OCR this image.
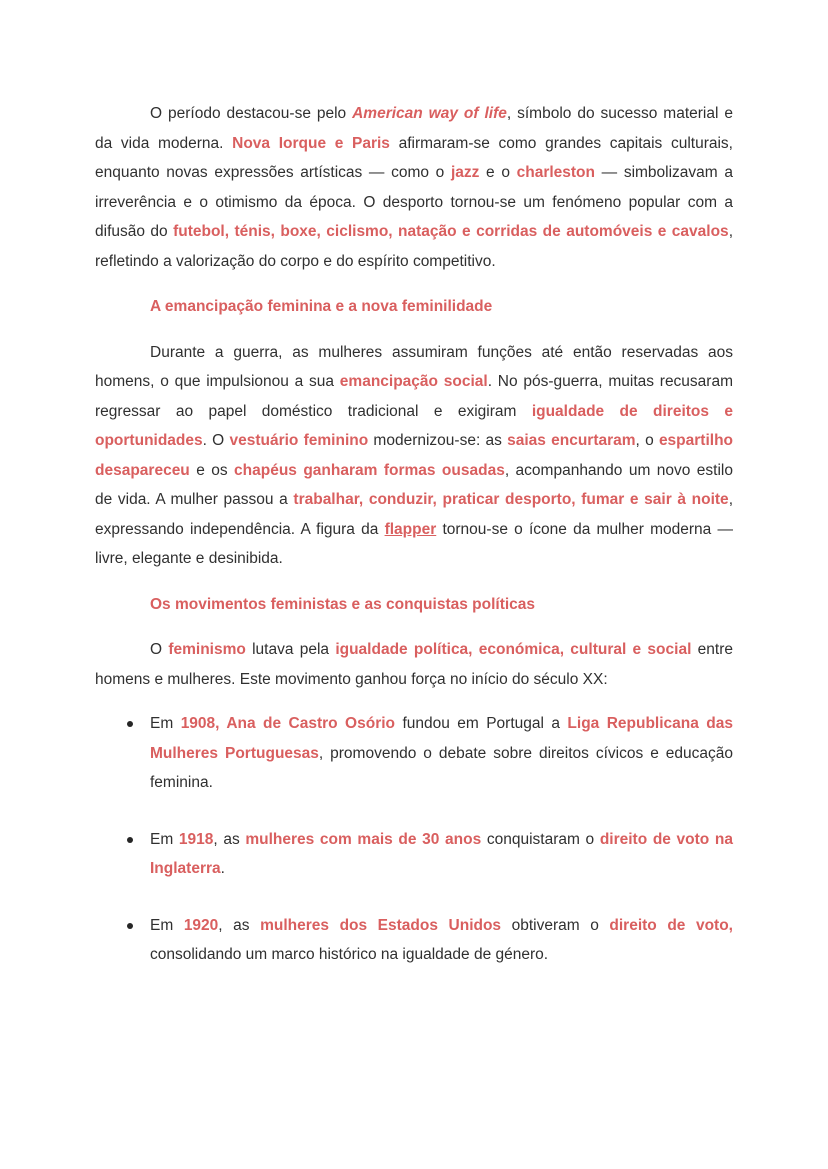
O período destacou-se pelo American way of life, símbolo do sucesso material e da vida moderna. Nova Iorque e Paris afirmaram-se como grandes capitais culturais, enquanto novas expressões artísticas — como o jazz e o charleston — simbolizavam a irreverência e o otimismo da época. O desporto tornou-se um fenómeno popular com a difusão do futebol, ténis, boxe, ciclismo, natação e corridas de automóveis e cavalos, refletindo a valorização do corpo e do espírito competitivo.

A emancipação feminina e a nova feminilidade

Durante a guerra, as mulheres assumiram funções até então reservadas aos homens, o que impulsionou a sua emancipação social. No pós-guerra, muitas recusaram regressar ao papel doméstico tradicional e exigiram igualdade de direitos e oportunidades. O vestuário feminino modernizou-se: as saias encurtaram, o espartilho desapareceu e os chapéus ganharam formas ousadas, acompanhando um novo estilo de vida. A mulher passou a trabalhar, conduzir, praticar desporto, fumar e sair à noite, expressando independência. A figura da flapper tornou-se o ícone da mulher moderna — livre, elegante e desinibida.

Os movimentos feministas e as conquistas políticas

O feminismo lutava pela igualdade política, económica, cultural e social entre homens e mulheres. Este movimento ganhou força no início do século XX:

Em 1908, Ana de Castro Osório fundou em Portugal a Liga Republicana das Mulheres Portuguesas, promovendo o debate sobre direitos cívicos e educação feminina.
Em 1918, as mulheres com mais de 30 anos conquistaram o direito de voto na Inglaterra.
Em 1920, as mulheres dos Estados Unidos obtiveram o direito de voto, consolidando um marco histórico na igualdade de género.
